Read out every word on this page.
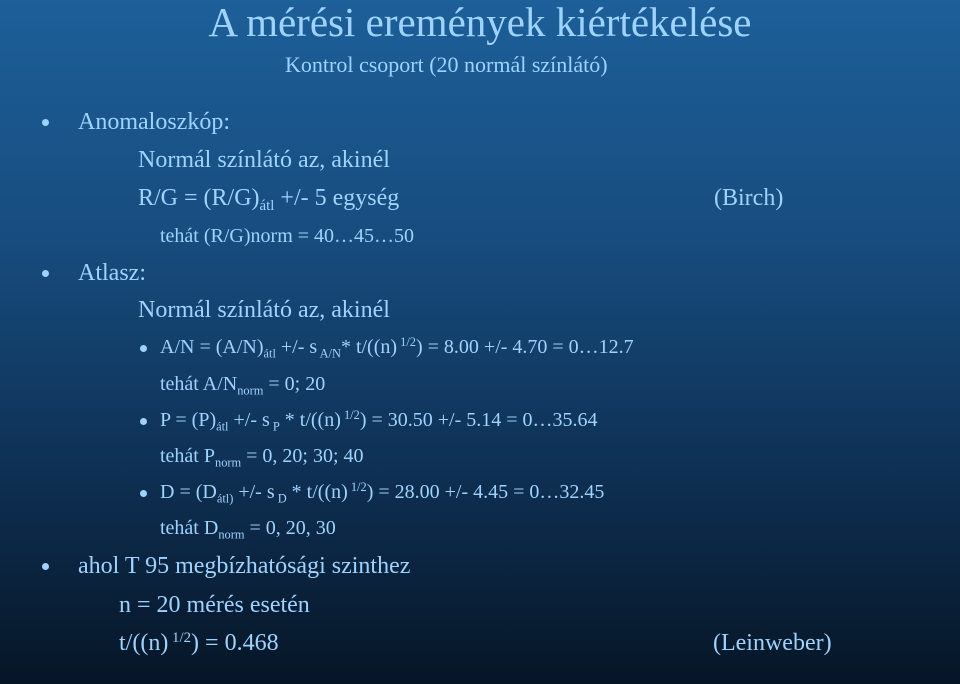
A mérési eremények kiértékelése
Kontrol csoport (20 normál színlátó)
Anomaloszkóp:
Normál színlátó az, akinél
$R/G = (R/G)_{átl}$ +/- 5 egység	(Birch)
tehát (R/G)norm = 40…45…50
Atlasz:
Normál színlátó az, akinél
$A/N = (A/N)_{átl}$ +/- s $_{A/N}$* t/((n) $^{1/2}$) = 8.00 +/- 4.70 = 0…12.7
tehát $A/N_{norm} = 0$; 20
$P = (P)_{átl}$ +/- s $_P$ * t/((n) $^{1/2}$) = 30.50 +/- 5.14 = 0…35.64
tehát $P_{norm} = 0$, 20; 30; 40
$D = (D_{átl)}$ +/- s $_D$ * t/((n) $^{1/2}$) = 28.00 +/- 4.45 = 0…32.45
tehát $D_{norm} = 0$, 20, 30
ahol T 95 megbízhatósági szinthez
n = 20 mérés esetén
t/((n) $^{1/2}$) = 0.468	(Leinweber)
